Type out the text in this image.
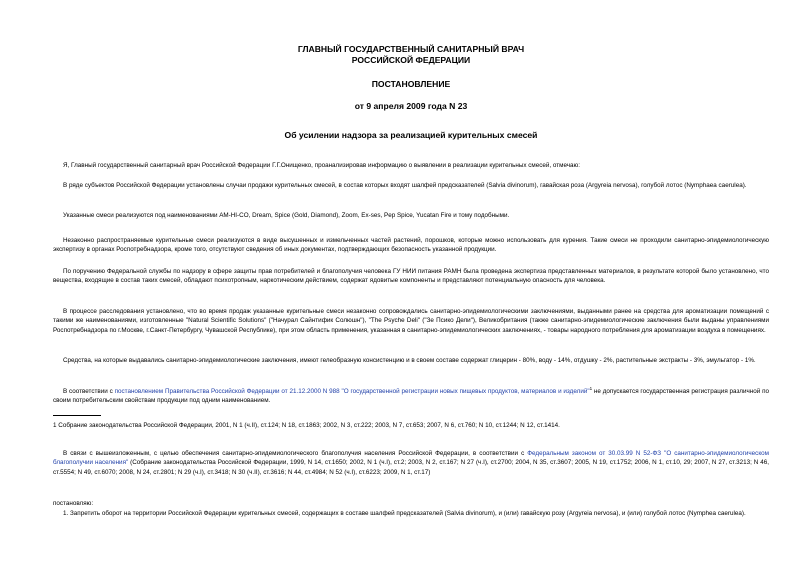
ГЛАВНЫЙ ГОСУДАРСТВЕННЫЙ САНИТАРНЫЙ ВРАЧ
РОССИЙСКОЙ ФЕДЕРАЦИИ
ПОСТАНОВЛЕНИЕ
от 9 апреля 2009 года N 23
Об усилении надзора за реализацией курительных смесей

Я, Главный государственный санитарный врач Российской Федерации Г.Г.Онищенко, проанализировав информацию о выявлении в реализации курительных смесей, отмечаю:

В ряде субъектов Российской Федерации установлены случаи продажи курительных смесей, в состав которых входят шалфей предсказателей (Salvia divinorum), гавайская роза (Argyreia nervosa), голубой лотос (Nymphaea caerulea).

Указанные смеси реализуются под наименованиями AM-HI-CO, Dream, Spice (Gold, Diamond), Zoom, Ex-ses, Pep Spice, Yucatan Fire и тому подобными.

Незаконно распространяемые курительные смеси реализуются в виде высушенных и измельченных частей растений, порошков, которые можно использовать для курения. Такие смеси не проходили санитарно-эпидемиологическую экспертизу в органах Роспотребнадзора, кроме того, отсутствуют сведения об иных документах, подтверждающих безопасность указанной продукции.

По поручению Федеральной службы по надзору в сфере защиты прав потребителей и благополучия человека ГУ НИИ питания РАМН была проведена экспертиза представленных материалов, в результате которой было установлено, что вещества, входящие в состав таких смесей, обладают психотропным, наркотическим действием, содержат ядовитые компоненты и представляют потенциальную опасность для человека.

В процессе расследования установлено, что во время продаж указанные курительные смеси незаконно сопровождались санитарно-эпидемиологическими заключениями, выданными ранее на средства для ароматизации помещений с такими же наименованиями, изготовленные "Natural Scientific Solutions" ("Начурал Сайнтифик Солюшн"), "The Psyche Deli" ("Зе Псико Дели"), Великобритания (также санитарно-эпидемиологические заключения были выданы управлениями Роспотребнадзора по г.Москве, г.Санкт-Петербургу, Чувашской Республике), при этом область применения, указанная в санитарно-эпидемиологических заключениях, - товары народного потребления для ароматизации воздуха в помещениях.

Средства, на которые выдавались санитарно-эпидемиологические заключения, имеют гелеобразную консистенцию и в своем составе содержат глицерин - 80%, воду - 14%, отдушку - 2%, растительные экстракты - 3%, эмульгатор - 1%.

В соответствии с постановлением Правительства Российской Федерации от 21.12.2000 N 988 "О государственной регистрации новых пищевых продуктов, материалов и изделий"$^1$ не допускается государственная регистрация различной по своим потребительским свойствам продукции под одним наименованием.

1 Собрание законодательства Российской Федерации, 2001, N 1 (ч.II), ст.124; N 18, ст.1863; 2002, N 3, ст.222; 2003, N 7, ст.653; 2007, N 6, ст.760; N 10, ст.1244; N 12, ст.1414.

В связи с вышеизложенным, с целью обеспечения санитарно-эпидемиологического благополучия населения Российской Федерации, в соответствии с Федеральным законом от 30.03.99 N 52-ФЗ "О санитарно-эпидемиологическом благополучии населения" (Собрание законодательства Российской Федерации, 1999, N 14, ст.1650; 2002, N 1 (ч.I), ст.2; 2003, N 2, ст.167; N 27 (ч.I), ст.2700; 2004, N 35, ст.3607; 2005, N 19, ст.1752; 2006, N 1, ст.10, 29; 2007, N 27, ст.3213; N 46, ст.5554; N 49, ст.6070; 2008, N 24, ст.2801; N 29 (ч.I), ст.3418; N 30 (ч.II), ст.3616; N 44, ст.4984; N 52 (ч.I), ст.6223; 2009, N 1, ст.17)

постановляю:

1. Запретить оборот на территории Российской Федерации курительных смесей, содержащих в составе шалфей предсказателей (Salvia divinorum), и (или) гавайскую розу (Argyreia nervosa), и (или) голубой лотос (Nymphea caerulea).
